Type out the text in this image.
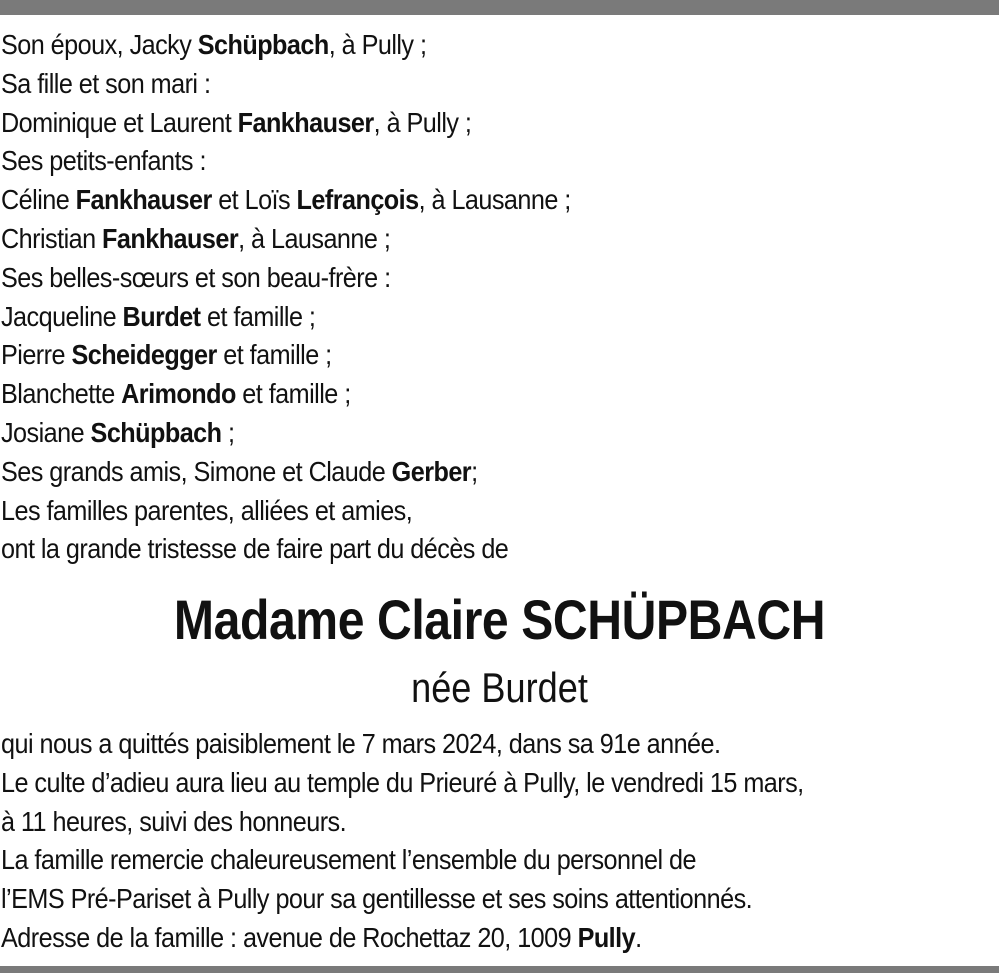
Son époux, Jacky Schüpbach, à Pully ;
Sa fille et son mari :
Dominique et Laurent Fankhauser, à Pully ;
Ses petits-enfants :
Céline Fankhauser et Loïs Lefrançois, à Lausanne ;
Christian Fankhauser, à Lausanne ;
Ses belles-sœurs et son beau-frère :
Jacqueline Burdet et famille ;
Pierre Scheidegger et famille ;
Blanchette Arimondo et famille ;
Josiane Schüpbach ;
Ses grands amis, Simone et Claude Gerber;
Les familles parentes, alliées et amies,
ont la grande tristesse de faire part du décès de
Madame Claire SCHÜPBACH
née Burdet
qui nous a quittés paisiblement le 7 mars 2024, dans sa 91e année.
Le culte d’adieu aura lieu au temple du Prieuré à Pully, le vendredi 15 mars,
à 11 heures, suivi des honneurs.
La famille remercie chaleureusement l’ensemble du personnel de
l’EMS Pré-Pariset à Pully pour sa gentillesse et ses soins attentionnés.
Adresse de la famille : avenue de Rochettaz 20, 1009 Pully.
